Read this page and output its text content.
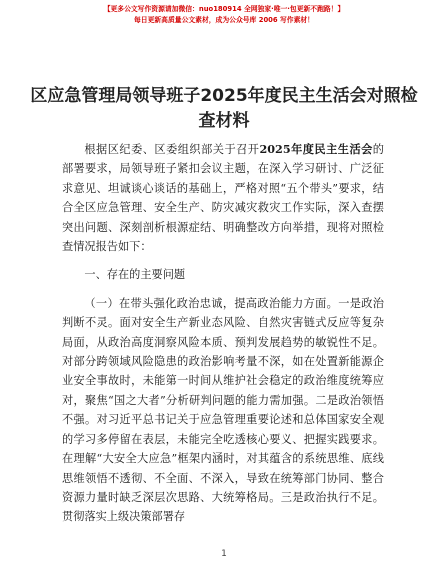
【更多公文写作资源请加微信：nuo180914 全网独家·唯一·包更新不跑路！】
每日更新高质量公文素材，成为公众号库 2006 写作素材！
区应急管理局领导班子2025年度民主生活会对照检查材料

根据区纪委、区委组织部关于召开2025年度民主生活会的部署要求，局领导班子紧扣会议主题，在深入学习研讨、广泛征求意见、坦诚谈心谈话的基础上，严格对照“五个带头”要求，结合全区应急管理、安全生产、防灾减灾救灾工作实际，深入查摆突出问题、深刻剖析根源症结、明确整改方向举措，现将对照检查情况报告如下：

一、存在的主要问题

（一）在带头强化政治忠诚，提高政治能力方面。一是政治判断不灵。面对安全生产新业态风险、自然灾害链式反应等复杂局面，从政治高度洞察风险本质、预判发展趋势的敏锐性不足。对部分跨领域风险隐患的政治影响考量不深，如在处置新能源企业安全事故时，未能第一时间从维护社会稳定的政治维度统筹应对，聚焦“国之大者”分析研判问题的能力需加强。二是政治领悟不强。对习近平总书记关于应急管理重要论述和总体国家安全观的学习多停留在表层，未能完全吃透核心要义、把握实践要求。在理解“大安全大应急”框架内涵时，对其蕴含的系统思维、底线思维领悟不透彻、不全面、不深入，导致在统筹部门协同、整合资源力量时缺乏深层次思路、大统筹格局。三是政治执行不足。贯彻落实上级决策部署存

1
